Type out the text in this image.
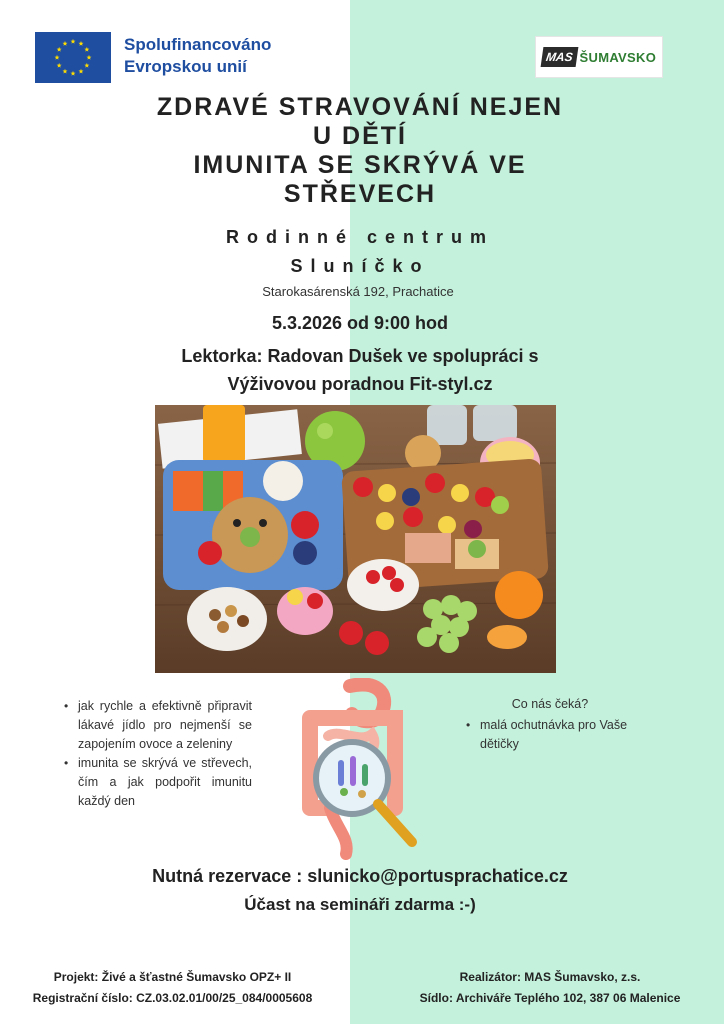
Spolufinancováno
Evropskou unií	MAS ŠUMAVSKO
ZDRAVÉ STRAVOVÁNÍ NEJEN
U DĚTÍ
IMUNITA SE SKRÝVÁ VE
STŘEVECH
Rodinné centrum
Sluníčko
Starokasárenská 192, Prachatice
5.3.2026 od 9:00 hod
Lektorka: Radovan Dušek ve spolupráci s
Výživovou poradnou Fit-styl.cz
• jak rychle a efektivně připravit lákavé jídlo pro nejmenší se zapojením ovoce a zeleniny
• imunita se skrývá ve střevech, čím a jak podpořit imunitu každý den
Co nás čeká?
• malá ochutnávka pro Vaše dětičky
Nutná rezervace : slunicko@portusprachatice.cz
Účast na semináři zdarma :-)
Projekt: Živé a šťastné Šumavsko OPZ+ II
Registrační číslo: CZ.03.02.01/00/25_084/0005608
Realizátor: MAS Šumavsko, z.s.
Sídlo: Archiváře Teplého 102, 387 06 Malenice
